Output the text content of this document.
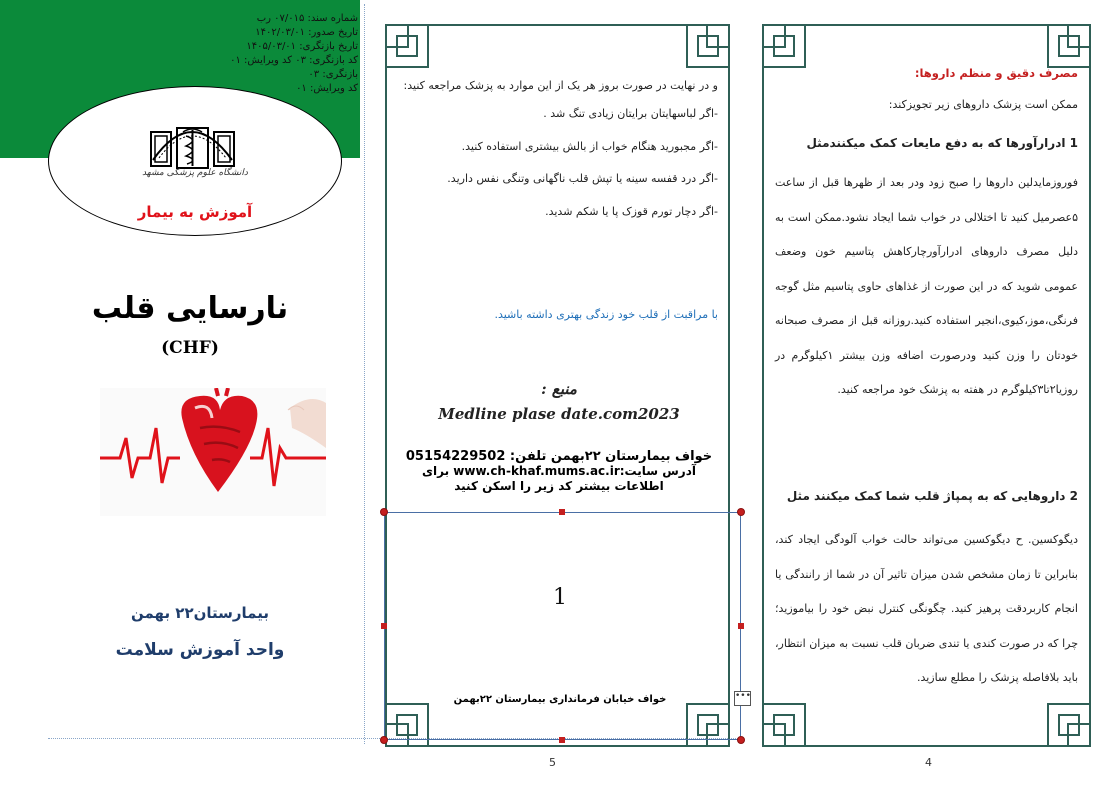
شماره سند: ۰۷/۰۱۵ رب
تاریخ صدور: ۱۴۰۲/۰۳/۰۱
تاریخ بازنگری: ۱۴۰۵/۰۳/۰۱
کد بازنگری: ۰۳ کد ویرایش: ۰۱
بازنگری: ۰۳
کد ویرایش: ۰۱
دانشگاه علوم پزشکی مشهد
آموزش به بیمار
نارسایی قلب
(CHF)
بیمارستان۲۲ بهمن
واحد آموزش سلامت
و در نهایت در صورت بروز هر یک از این موارد به پزشک مراجعه کنید:
-اگر لباسهایتان برایتان زیادی تنگ شد .
-اگر مجبورید هنگام خواب از بالش بیشتری استفاده کنید.
-اگر درد قفسه سینه یا تپش قلب ناگهانی وتنگی نفس دارید.
-اگر دچار تورم قوزک پا یا شکم شدید.
با مراقبت از قلب خود زندگی بهتری داشته باشید.
منبع :
Medline plase date.com2023
خواف بیمارستان ۲۲بهمن تلفن: 05154229502
آدرس سایت:www.ch-khaf.mums.ac.ir برای
اطلاعات بیشتر کد زیر را اسکن کنید
1
خواف خیابان فرمانداری بیمارستان ۲۲بهمن	•••
مصرف دقیق و منظم داروها:
ممکن است پزشک داروهای زیر تجویزکند:
1 ادرارآورها که به دفع مایعات کمک میکنندمثل
فوروزمایدلین داروها را صبح زود ودر بعد از ظهرها قبل از ساعت ۵عصرمیل کنید تا اختلالی در خواب شما ایجاد نشود.ممکن است به دلیل مصرف داروهای ادرارآورچارکاهش پتاسیم خون وضعف عمومی شوید که در این صورت از غذاهای حاوی پتاسیم مثل گوجه فرنگی،موز،کیوی،انجیر استفاده کنید.روزانه قبل از مصرف صبحانه خودتان را وزن کنید ودرصورت اضافه وزن بیشتر ۱کیلوگرم در روزیا۲تا۳کیلوگرم در هفته به پزشک خود مراجعه کنید.
2 داروهایی که به پمپاژ قلب شما کمک میکنند مثل
دیگوکسین. ح دیگوکسین می‌تواند حالت خواب آلودگی ایجاد کند، بنابراین تا زمان مشخص شدن میزان تاثیر آن در شما از رانندگی یا انجام کاربردقت پرهیز کنید. چگونگی کنترل نبض خود را بیاموزید؛چرا که در صورت کندی یا تندی ضربان قلب نسبت به میزان انتظار، باید بلافاصله پزشک را مطلع سازید.
5	4
